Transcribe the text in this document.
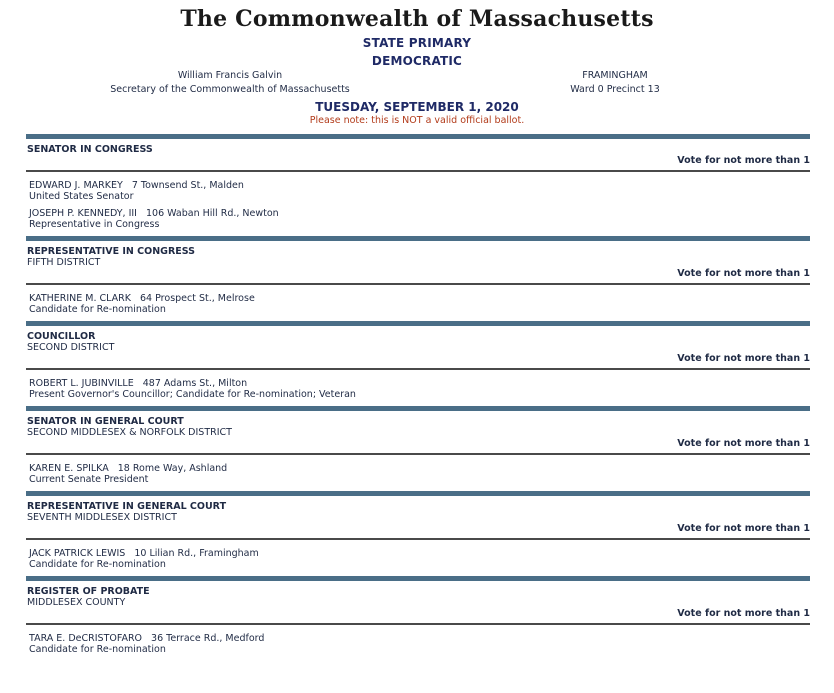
The Commonwealth of Massachusetts
STATE PRIMARY
DEMOCRATIC
William Francis Galvin
Secretary of the Commonwealth of Massachusetts
FRAMINGHAM
Ward 0 Precinct 13
TUESDAY, SEPTEMBER 1, 2020
Please note: this is NOT a valid official ballot.
SENATOR IN CONGRESS
Vote for not more than 1
EDWARD J. MARKEY 7 Townsend St., Malden
United States Senator
JOSEPH P. KENNEDY, III 106 Waban Hill Rd., Newton
Representative in Congress
REPRESENTATIVE IN CONGRESS
FIFTH DISTRICT
Vote for not more than 1
KATHERINE M. CLARK 64 Prospect St., Melrose
Candidate for Re-nomination
COUNCILLOR
SECOND DISTRICT
Vote for not more than 1
ROBERT L. JUBINVILLE 487 Adams St., Milton
Present Governor's Councillor; Candidate for Re-nomination; Veteran
SENATOR IN GENERAL COURT
SECOND MIDDLESEX & NORFOLK DISTRICT
Vote for not more than 1
KAREN E. SPILKA 18 Rome Way, Ashland
Current Senate President
REPRESENTATIVE IN GENERAL COURT
SEVENTH MIDDLESEX DISTRICT
Vote for not more than 1
JACK PATRICK LEWIS 10 Lilian Rd., Framingham
Candidate for Re-nomination
REGISTER OF PROBATE
MIDDLESEX COUNTY
Vote for not more than 1
TARA E. DeCRISTOFARO 36 Terrace Rd., Medford
Candidate for Re-nomination
